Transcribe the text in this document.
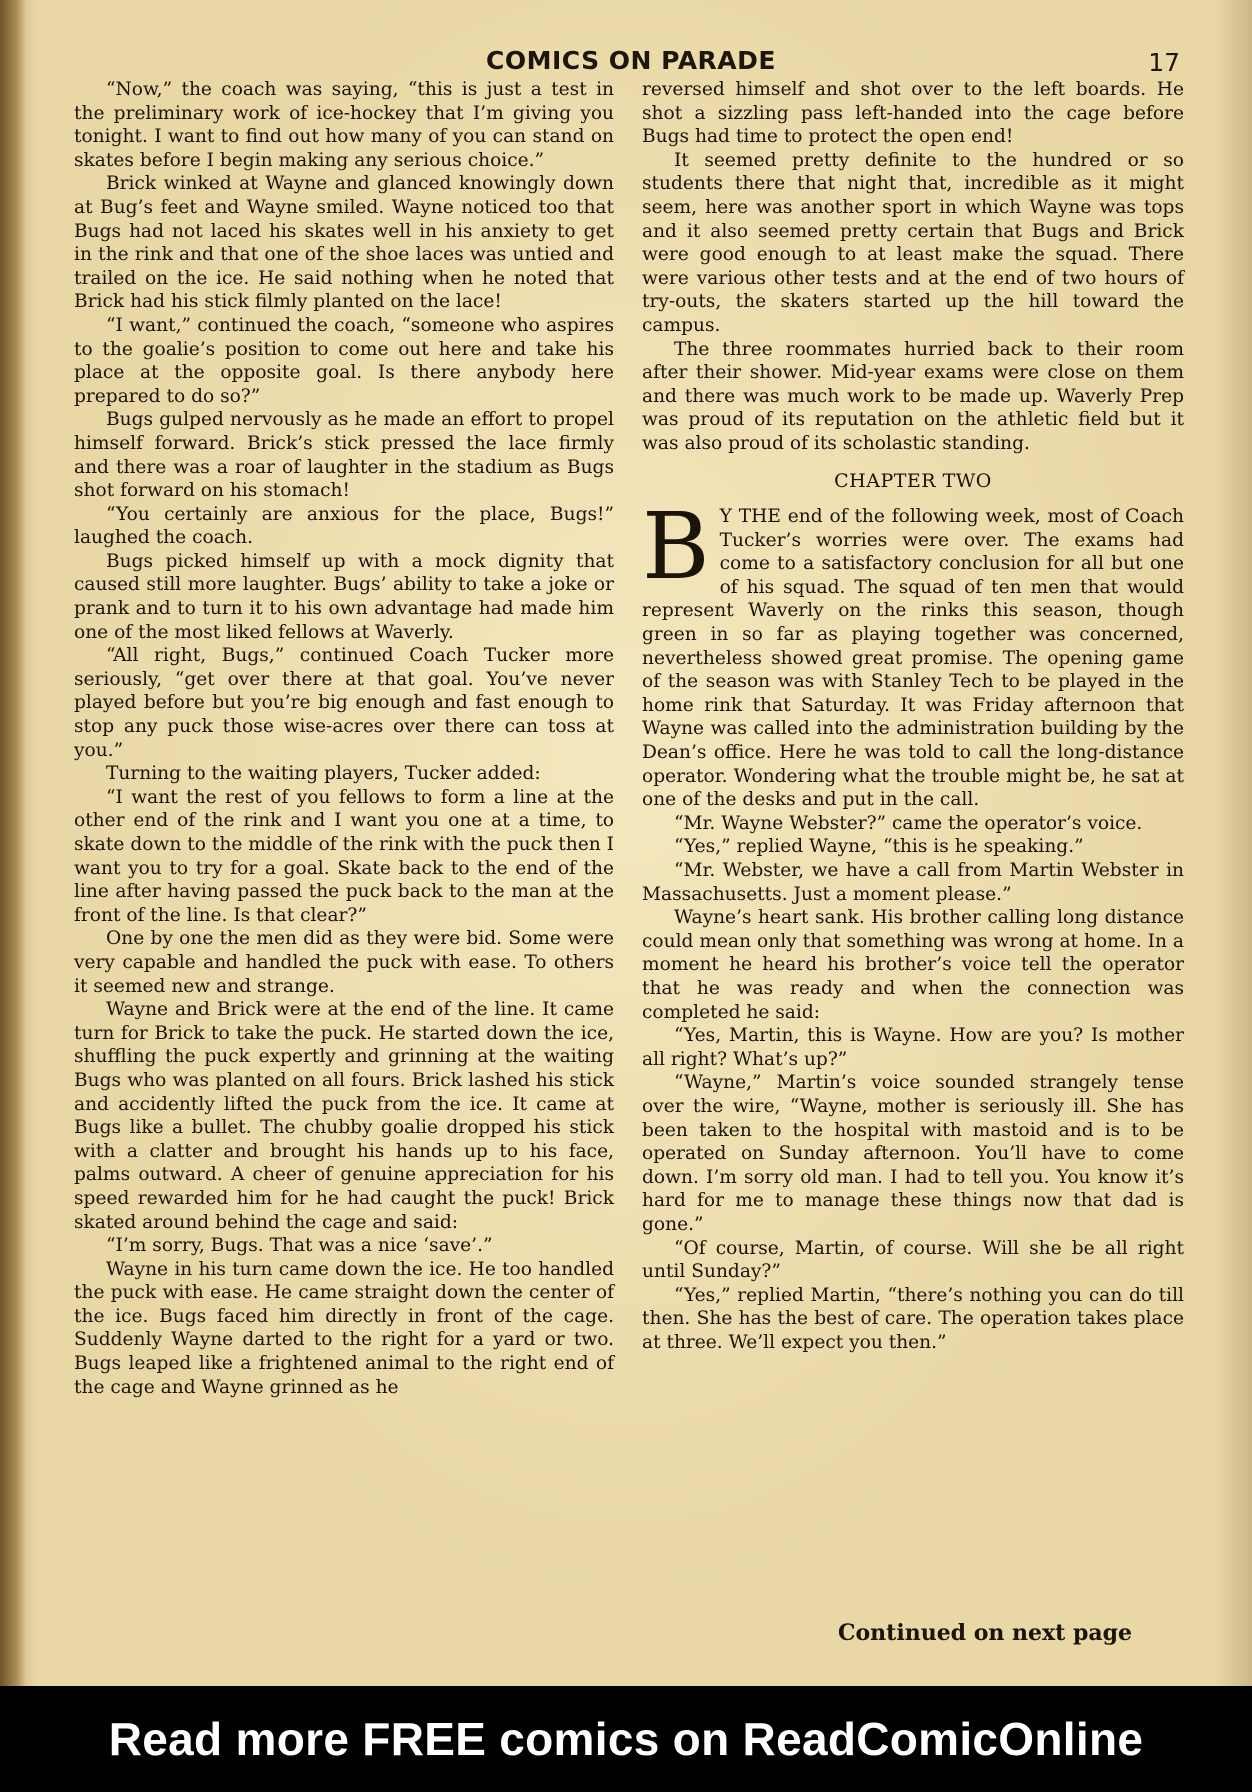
COMICS ON PARADE	17

“Now,” the coach was saying, “this is just a test in the preliminary work of ice-hockey that I’m giving you tonight. I want to find out how many of you can stand on skates before I begin making any serious choice.”

Brick winked at Wayne and glanced knowingly down at Bug’s feet and Wayne smiled. Wayne noticed too that Bugs had not laced his skates well in his anxiety to get in the rink and that one of the shoe laces was untied and trailed on the ice. He said nothing when he noted that Brick had his stick filmly planted on the lace!

“I want,” continued the coach, “someone who aspires to the goalie’s position to come out here and take his place at the opposite goal. Is there anybody here prepared to do so?”

Bugs gulped nervously as he made an effort to propel himself forward. Brick’s stick pressed the lace firmly and there was a roar of laughter in the stadium as Bugs shot forward on his stomach!

“You certainly are anxious for the place, Bugs!” laughed the coach.

Bugs picked himself up with a mock dignity that caused still more laughter. Bugs’ ability to take a joke or prank and to turn it to his own advantage had made him one of the most liked fellows at Waverly.

“All right, Bugs,” continued Coach Tucker more seriously, “get over there at that goal. You’ve never played before but you’re big enough and fast enough to stop any puck those wise-acres over there can toss at you.”

Turning to the waiting players, Tucker added:

“I want the rest of you fellows to form a line at the other end of the rink and I want you one at a time, to skate down to the middle of the rink with the puck then I want you to try for a goal. Skate back to the end of the line after having passed the puck back to the man at the front of the line. Is that clear?”

One by one the men did as they were bid. Some were very capable and handled the puck with ease. To others it seemed new and strange.

Wayne and Brick were at the end of the line. It came turn for Brick to take the puck. He started down the ice, shuffling the puck expertly and grinning at the waiting Bugs who was planted on all fours. Brick lashed his stick and accidently lifted the puck from the ice. It came at Bugs like a bullet. The chubby goalie dropped his stick with a clatter and brought his hands up to his face, palms outward. A cheer of genuine appreciation for his speed rewarded him for he had caught the puck! Brick skated around behind the cage and said:

“I’m sorry, Bugs. That was a nice ‘save’.”

Wayne in his turn came down the ice. He too handled the puck with ease. He came straight down the center of the ice. Bugs faced him directly in front of the cage. Suddenly Wayne darted to the right for a yard or two. Bugs leaped like a frightened animal to the right end of the cage and Wayne grinned as he

reversed himself and shot over to the left boards. He shot a sizzling pass left-handed into the cage before Bugs had time to protect the open end!

It seemed pretty definite to the hundred or so students there that night that, incredible as it might seem, here was another sport in which Wayne was tops and it also seemed pretty certain that Bugs and Brick were good enough to at least make the squad. There were various other tests and at the end of two hours of try-outs, the skaters started up the hill toward the campus.

The three roommates hurried back to their room after their shower. Mid-year exams were close on them and there was much work to be made up. Waverly Prep was proud of its reputation on the athletic field but it was also proud of its scholastic standing.

CHAPTER TWO

B Y THE end of the following week, most of Coach Tucker’s worries were over. The exams had come to a satisfactory conclusion for all but one of his squad. The squad of ten men that would represent Waverly on the rinks this season, though green in so far as playing together was concerned, nevertheless showed great promise. The opening game of the season was with Stanley Tech to be played in the home rink that Saturday. It was Friday afternoon that Wayne was called into the administration building by the Dean’s office. Here he was told to call the long-distance operator. Wondering what the trouble might be, he sat at one of the desks and put in the call.

“Mr. Wayne Webster?” came the operator’s voice.

“Yes,” replied Wayne, “this is he speaking.”

“Mr. Webster, we have a call from Martin Webster in Massachusetts. Just a moment please.”

Wayne’s heart sank. His brother calling long distance could mean only that something was wrong at home. In a moment he heard his brother’s voice tell the operator that he was ready and when the connection was completed he said:

“Yes, Martin, this is Wayne. How are you? Is mother all right? What’s up?”

“Wayne,” Martin’s voice sounded strangely tense over the wire, “Wayne, mother is seriously ill. She has been taken to the hospital with mastoid and is to be operated on Sunday afternoon. You’ll have to come down. I’m sorry old man. I had to tell you. You know it’s hard for me to manage these things now that dad is gone.”

“Of course, Martin, of course. Will she be all right until Sunday?”

“Yes,” replied Martin, “there’s nothing you can do till then. She has the best of care. The operation takes place at three. We’ll expect you then.”

Continued on next page
Read more FREE comics on ReadComicOnline
